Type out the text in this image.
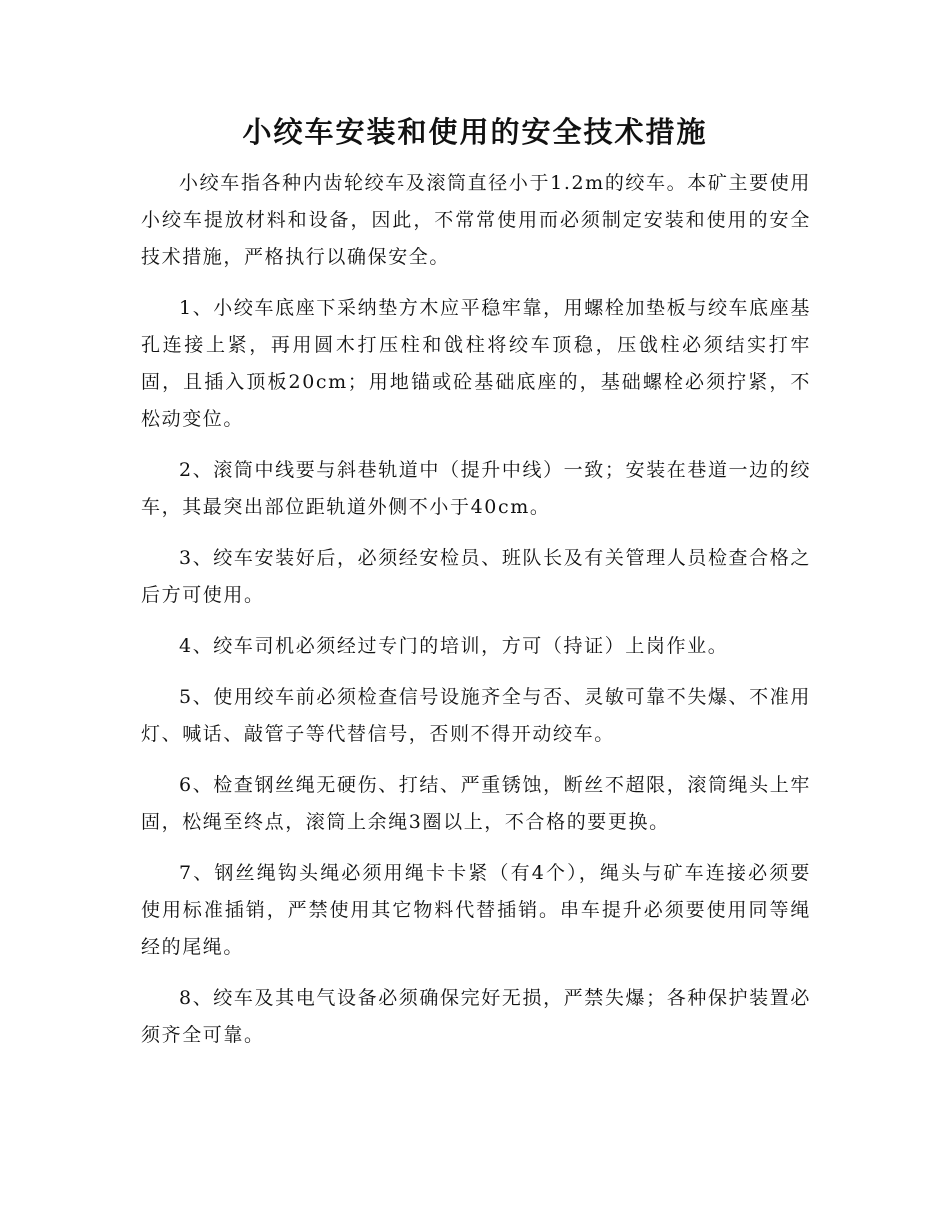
小绞车安装和使用的安全技术措施

小绞车指各种内齿轮绞车及滚筒直径小于1.2m的绞车。本矿主要使用小绞车提放材料和设备，因此，不常常使用而必须制定安装和使用的安全技术措施，严格执行以确保安全。

1、小绞车底座下采纳垫方木应平稳牢靠，用螺栓加垫板与绞车底座基孔连接上紧，再用圆木打压柱和戗柱将绞车顶稳，压戗柱必须结实打牢固，且插入顶板20cm；用地锚或砼基础底座的，基础螺栓必须拧紧，不松动变位。

2、滚筒中线要与斜巷轨道中（提升中线）一致；安装在巷道一边的绞车，其最突出部位距轨道外侧不小于40cm。

3、绞车安装好后，必须经安检员、班队长及有关管理人员检查合格之后方可使用。

4、绞车司机必须经过专门的培训，方可（持证）上岗作业。

5、使用绞车前必须检查信号设施齐全与否、灵敏可靠不失爆、不准用灯、喊话、敲管子等代替信号，否则不得开动绞车。

6、检查钢丝绳无硬伤、打结、严重锈蚀，断丝不超限，滚筒绳头上牢固，松绳至终点，滚筒上余绳3圈以上，不合格的要更换。

7、钢丝绳钩头绳必须用绳卡卡紧（有4个），绳头与矿车连接必须要使用标准插销，严禁使用其它物料代替插销。串车提升必须要使用同等绳经的尾绳。

8、绞车及其电气设备必须确保完好无损，严禁失爆；各种保护装置必须齐全可靠。
